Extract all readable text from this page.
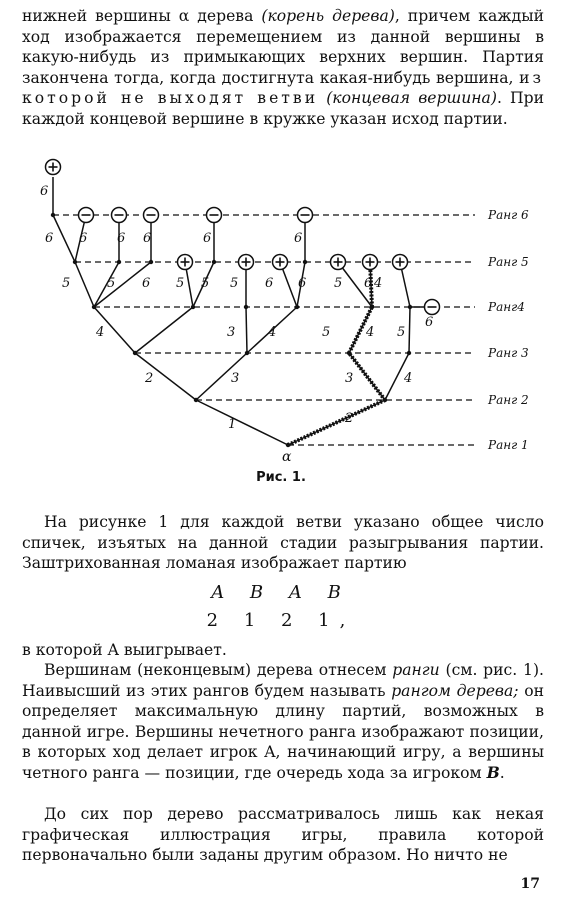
нижней вершины α дерева (корень дерева), причем каждый ход изображается перемещением из данной вершины в какую-нибудь из примыкающих верхних вершин. Партия закончена тогда, когда достигнута какая-нибудь вершина, из которой не выходят ветви (концевая вершина). При каждой концевой вершине в кружке указан исход партии.

Ранг 1
Ранг 2
Ранг 3
Ранг4
Ранг 5
Ранг 6
1	2
2	3	3	4
4	3	4	5	4 5
5	5 6	5 5 6 6	6 4
5
6 6 6 6	6	6
6
5
6
α
Рис. 1.

На рисунке 1 для каждой ветви указано общее число спичек, изъятых на данной стадии разыгрывания партии. Заштрихованная ломаная изображает партию

A B A B
2 1 2 1,

в которой A выигрывает.

Вершинам (неконцевым) дерева отнесем ранги (см. рис. 1). Наивысший из этих рангов будем называть рангом дерева; он определяет максимальную длину партий, возможных в данной игре. Вершины нечетного ранга изображают позиции, в которых ход делает игрок A, начинающий игру, а вершины четного ранга — позиции, где очередь хода за игроком B.

До сих пор дерево рассматривалось лишь как некая графическая иллюстрация игры, правила которой первоначально были заданы другим образом. Но ничто не

17
